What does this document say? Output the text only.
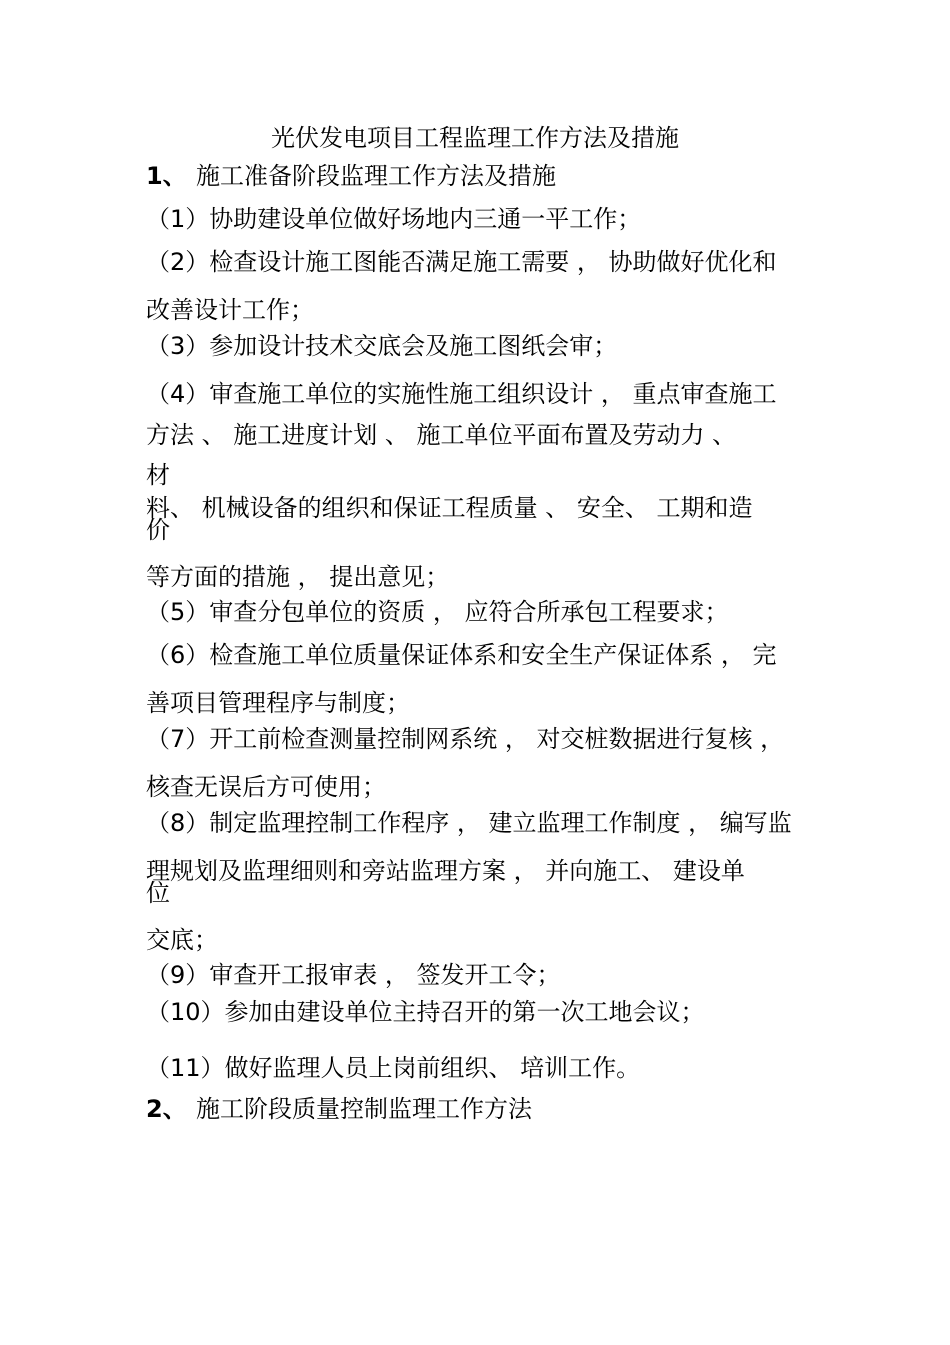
光伏发电项目工程监理工作方法及措施
1、 施工准备阶段监理工作方法及措施

（1）协助建设单位做好场地内三通一平工作；

（2）检查设计施工图能否满足施工需要 ， 协助做好优化和

改善设计工作；

（3）参加设计技术交底会及施工图纸会审；

（4）审查施工单位的实施性施工组织设计 ， 重点审查施工

方法 、 施工进度计划 、 施工单位平面布置及劳动力 、

材

料、 机械设备的组织和保证工程质量 、 安全、 工期和造

价

等方面的措施 ， 提出意见；

（5）审查分包单位的资质 ， 应符合所承包工程要求；

（6）检查施工单位质量保证体系和安全生产保证体系 ， 完

善项目管理程序与制度；

（7）开工前检查测量控制网系统 ， 对交桩数据进行复核 ，

核查无误后方可使用；

（8）制定监理控制工作程序 ， 建立监理工作制度 ， 编写监

理规划及监理细则和旁站监理方案 ， 并向施工、 建设单

位

交底；

（9）审查开工报审表 ， 签发开工令；

（10）参加由建设单位主持召开的第一次工地会议；

（11）做好监理人员上岗前组织、 培训工作。

2、 施工阶段质量控制监理工作方法
